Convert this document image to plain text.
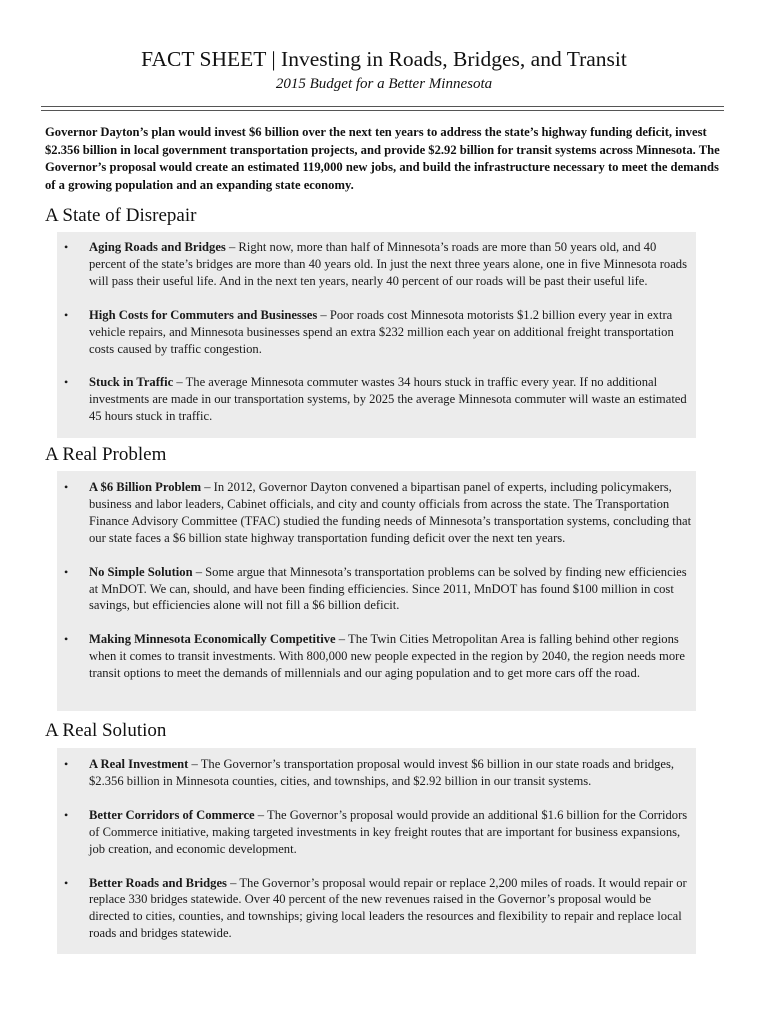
FACT SHEET | Investing in Roads, Bridges, and Transit
2015 Budget for a Better Minnesota
Governor Dayton’s plan would invest $6 billion over the next ten years to address the state’s highway funding deficit, invest $2.356 billion in local government transportation projects, and provide $2.92 billion for transit systems across Minnesota. The Governor’s proposal would create an estimated 119,000 new jobs, and build the infrastructure necessary to meet the demands of a growing population and an expanding state economy.
A State of Disrepair
• Aging Roads and Bridges – Right now, more than half of Minnesota’s roads are more than 50 years old, and 40 percent of the state’s bridges are more than 40 years old. In just the next three years alone, one in five Minnesota roads will pass their useful life. And in the next ten years, nearly 40 percent of our roads will be past their useful life.
• High Costs for Commuters and Businesses – Poor roads cost Minnesota motorists $1.2 billion every year in extra vehicle repairs, and Minnesota businesses spend an extra $232 million each year on additional freight transportation costs caused by traffic congestion.
• Stuck in Traffic – The average Minnesota commuter wastes 34 hours stuck in traffic every year. If no additional investments are made in our transportation systems, by 2025 the average Minnesota commuter will waste an estimated 45 hours stuck in traffic.
A Real Problem
• A $6 Billion Problem – In 2012, Governor Dayton convened a bipartisan panel of experts, including policymakers, business and labor leaders, Cabinet officials, and city and county officials from across the state. The Transportation Finance Advisory Committee (TFAC) studied the funding needs of Minnesota’s transportation systems, concluding that our state faces a $6 billion state highway transportation funding deficit over the next ten years.
• No Simple Solution – Some argue that Minnesota’s transportation problems can be solved by finding new efficiencies at MnDOT. We can, should, and have been finding efficiencies. Since 2011, MnDOT has found $100 million in cost savings, but efficiencies alone will not fill a $6 billion deficit.
• Making Minnesota Economically Competitive – The Twin Cities Metropolitan Area is falling behind other regions when it comes to transit investments. With 800,000 new people expected in the region by 2040, the region needs more transit options to meet the demands of millennials and our aging population and to get more cars off the road.
A Real Solution
• A Real Investment – The Governor’s transportation proposal would invest $6 billion in our state roads and bridges, $2.356 billion in Minnesota counties, cities, and townships, and $2.92 billion in our transit systems.
• Better Corridors of Commerce – The Governor’s proposal would provide an additional $1.6 billion for the Corridors of Commerce initiative, making targeted investments in key freight routes that are important for business expansions, job creation, and economic development.
• Better Roads and Bridges – The Governor’s proposal would repair or replace 2,200 miles of roads. It would repair or replace 330 bridges statewide. Over 40 percent of the new revenues raised in the Governor’s proposal would be directed to cities, counties, and townships; giving local leaders the resources and flexibility to repair and replace local roads and bridges statewide.
